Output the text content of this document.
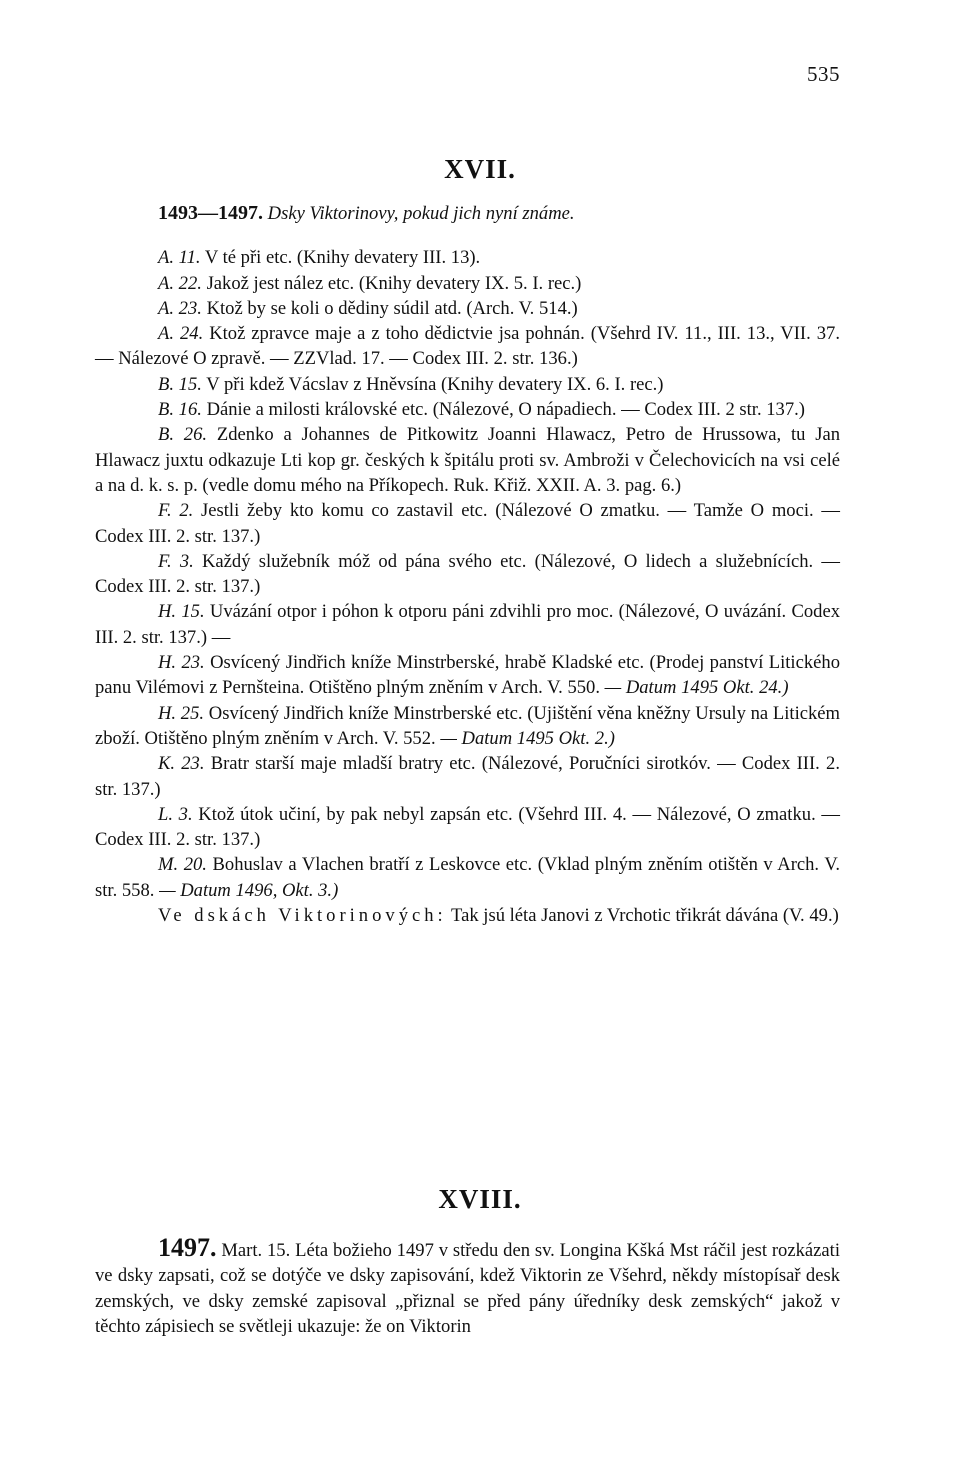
535
XVII.

1493—1497. Dsky Viktorinovy, pokud jich nyní známe.

A. 11. V té při etc. (Knihy devatery III. 13).

A. 22. Jakož jest nález etc. (Knihy devatery IX. 5. I. rec.)

A. 23. Ktož by se koli o dědiny súdil atd. (Arch. V. 514.)

A. 24. Ktož zpravce maje a z toho dědictvie jsa pohnán. (Všehrd IV. 11., III. 13., VII. 37. — Nálezové O zpravě. — ZZVlad. 17. — Codex III. 2. str. 136.)

B. 15. V při kdež Vácslav z Hněvsína (Knihy devatery IX. 6. I. rec.)

B. 16. Dánie a milosti královské etc. (Nálezové, O nápadiech. — Codex III. 2 str. 137.)

B. 26. Zdenko a Johannes de Pitkowitz Joanni Hlawacz, Petro de Hrussowa, tu Jan Hlawacz juxtu odkazuje Lti kop gr. českých k špitálu proti sv. Ambroži v Čelechovicích na vsi celé a na d. k. s. p. (vedle domu mého na Příkopech. Ruk. Křiž. XXII. A. 3. pag. 6.)

F. 2. Jestli žeby kto komu co zastavil etc. (Nálezové O zmatku. — Tamže O moci. — Codex III. 2. str. 137.)

F. 3. Každý služebník móž od pána svého etc. (Nálezové, O lidech a služebnících. — Codex III. 2. str. 137.)

H. 15. Uvázání otpor i póhon k otporu páni zdvihli pro moc. (Nálezové, O uvázání. Codex III. 2. str. 137.) —

H. 23. Osvícený Jindřich kníže Minstrberské, hrabě Kladské etc. (Prodej panství Litického panu Vilémovi z Pernšteina. Otištěno plným zněním v Arch. V. 550. — Datum 1495 Okt. 24.)

H. 25. Osvícený Jindřich kníže Minstrberské etc. (Ujištění věna kněžny Ursuly na Litickém zboží. Otištěno plným zněním v Arch. V. 552. — Datum 1495 Okt. 2.)

K. 23. Bratr starší maje mladší bratry etc. (Nálezové, Poručníci sirotkóv. — Codex III. 2. str. 137.)

L. 3. Ktož útok učiní, by pak nebyl zapsán etc. (Všehrd III. 4. — Nálezové, O zmatku. — Codex III. 2. str. 137.)

M. 20. Bohuslav a Vlachen bratří z Leskovce etc. (Vklad plným zněním otištěn v Arch. V. str. 558. — Datum 1496, Okt. 3.)

Ve dskách Viktorinových: Tak jsú léta Janovi z Vrchotic třikrát dávána (V. 49.)

XVIII.

1497. Mart. 15. Léta božieho 1497 v středu den sv. Longina Kšká Mst ráčil jest rozkázati ve dsky zapsati, což se dotýče ve dsky zapisování, kdež Viktorin ze Všehrd, někdy místopísař desk zemských, ve dsky zemské zapisoval „přiznal se před pány úředníky desk zemských“ jakož v těchto zápisiech se světleji ukazuje: že on Viktorin
